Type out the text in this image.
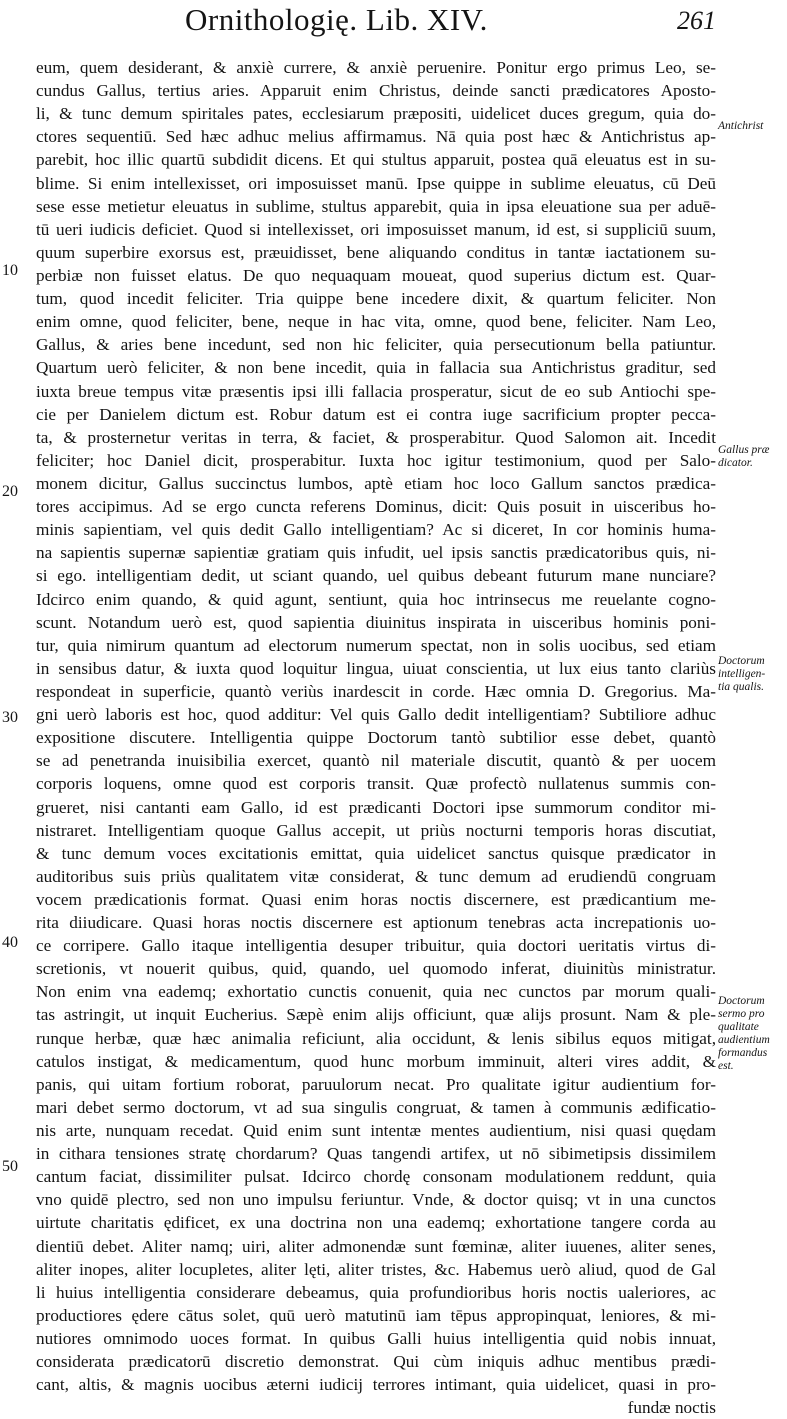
Ornithologię. Lib. XIV.	261
eum, quem desiderant, & anxiè currere, & anxiè peruenire. Ponitur ergo primus Leo, se-
cundus Gallus, tertius aries. Apparuit enim Christus, deinde sancti prædicatores Aposto-
li, & tunc demum spiritales pates, ecclesiarum præpositi, uidelicet duces gregum, quia do-
ctores sequentiū. Sed hæc adhuc melius affirmamus. Nā quia post hæc & Antichristus ap-
parebit, hoc illic quartū subdidit dicens. Et qui stultus apparuit, postea quā eleuatus est in su-
blime. Si enim intellexisset, ori imposuisset manū. Ipse quippe in sublime eleuatus, cū Deū
sese esse metietur eleuatus in sublime, stultus apparebit, quia in ipsa eleuatione sua per aduē-
tū ueri iudicis deficiet. Quod si intellexisset, ori imposuisset manum, id est, si suppliciū suum,
quum superbire exorsus est, præuidisset, bene aliquando conditus in tantæ iactationem su-
perbiæ non fuisset elatus. De quo nequaquam moueat, quod superius dictum est. Quar-
tum, quod incedit feliciter. Tria quippe bene incedere dixit, & quartum feliciter. Non
enim omne, quod feliciter, bene, neque in hac vita, omne, quod bene, feliciter. Nam Leo,
Gallus, & aries bene incedunt, sed non hic feliciter, quia persecutionum bella patiuntur.
Quartum uerò feliciter, & non bene incedit, quia in fallacia sua Antichristus graditur, sed
iuxta breue tempus vitæ præsentis ipsi illi fallacia prosperatur, sicut de eo sub Antiochi spe-
cie per Danielem dictum est. Robur datum est ei contra iuge sacrificium propter pecca-
ta, & prosternetur veritas in terra, & faciet, & prosperabitur. Quod Salomon ait. Incedit
feliciter; hoc Daniel dicit, prosperabitur. Iuxta hoc igitur testimonium, quod per Salo-
monem dicitur, Gallus succinctus lumbos, aptè etiam hoc loco Gallum sanctos prædica-
tores accipimus. Ad se ergo cuncta referens Dominus, dicit: Quis posuit in uisceribus ho-
minis sapientiam, vel quis dedit Gallo intelligentiam? Ac si diceret, In cor hominis huma-
na sapientis supernæ sapientiæ gratiam quis infudit, uel ipsis sanctis prædicatoribus quis, ni-
si ego. intelligentiam dedit, ut sciant quando, uel quibus debeant futurum mane nunciare?
Idcirco enim quando, & quid agunt, sentiunt, quia hoc intrinsecus me reuelante cogno-
scunt. Notandum uerò est, quod sapientia diuinitus inspirata in uisceribus hominis poni-
tur, quia nimirum quantum ad electorum numerum spectat, non in solis uocibus, sed etiam
in sensibus datur, & iuxta quod loquitur lingua, uiuat conscientia, ut lux eius tanto clariùs
respondeat in superficie, quantò veriùs inardescit in corde. Hæc omnia D. Gregorius. Ma-
gni uerò laboris est hoc, quod additur: Vel quis Gallo dedit intelligentiam? Subtiliore adhuc
expositione discutere. Intelligentia quippe Doctorum tantò subtilior esse debet, quantò
se ad penetranda inuisibilia exercet, quantò nil materiale discutit, quantò & per uocem
corporis loquens, omne quod est corporis transit. Quæ profectò nullatenus summis con-
grueret, nisi cantanti eam Gallo, id est prædicanti Doctori ipse summorum conditor mi-
nistraret. Intelligentiam quoque Gallus accepit, ut priùs nocturni temporis horas discutiat,
& tunc demum voces excitationis emittat, quia uidelicet sanctus quisque prædicator in
auditoribus suis priùs qualitatem vitæ considerat, & tunc demum ad erudiendū congruam
vocem prædicationis format. Quasi enim horas noctis discernere, est prædicantium me-
rita diiudicare. Quasi horas noctis discernere est aptionum tenebras acta increpationis uo-
ce corripere. Gallo itaque intelligentia desuper tribuitur, quia doctori ueritatis virtus di-
scretionis, vt nouerit quibus, quid, quando, uel quomodo inferat, diuinitùs ministratur.
Non enim vna eademq; exhortatio cunctis conuenit, quia nec cunctos par morum quali-
tas astringit, ut inquit Eucherius. Sæpè enim alijs officiunt, quæ alijs prosunt. Nam & ple-
runque herbæ, quæ hæc animalia reficiunt, alia occidunt, & lenis sibilus equos mitigat,
catulos instigat, & medicamentum, quod hunc morbum imminuit, alteri vires addit, &
panis, qui uitam fortium roborat, paruulorum necat. Pro qualitate igitur audientium for-
mari debet sermo doctorum, vt ad sua singulis congruat, & tamen à communis ædificatio-
nis arte, nunquam recedat. Quid enim sunt intentæ mentes audientium, nisi quasi quędam
in cithara tensiones stratę chordarum? Quas tangendi artifex, ut nō sibimetipsis dissimilem
cantum faciat, dissimiliter pulsat. Idcirco chordę consonam modulationem reddunt, quia
vno quidē plectro, sed non uno impulsu feriuntur. Vnde, & doctor quisq; vt in una cunctos
uirtute charitatis ędificet, ex una doctrina non una eademq; exhortatione tangere corda au
dientiū debet. Aliter namq; uiri, aliter admonendæ sunt fœminæ, aliter iuuenes, aliter senes,
aliter inopes, aliter locupletes, aliter lęti, aliter tristes, &c. Habemus uerò aliud, quod de Gal
li huius intelligentia considerare debeamus, quia profundioribus horis noctis ualeriores, ac
productiores ędere cātus solet, quū uerò matutinū iam tēpus appropinquat, leniores, & mi-
nutiores omnimodo uoces format. In quibus Galli huius intelligentia quid nobis innuat,
considerata prædicatorū discretio demonstrat. Qui cùm iniquis adhuc mentibus prædi-
cant, altis, & magnis uocibus æterni iudicij terrores intimant, quia uidelicet, quasi in pro-
fundæ noctis
10
20
30
40
50
Antichrist
Gallus præ
dicator.
Doctorum
intelligen-
tia qualis.
Doctorum
sermo pro
qualitate
audientium
formandus
est.
